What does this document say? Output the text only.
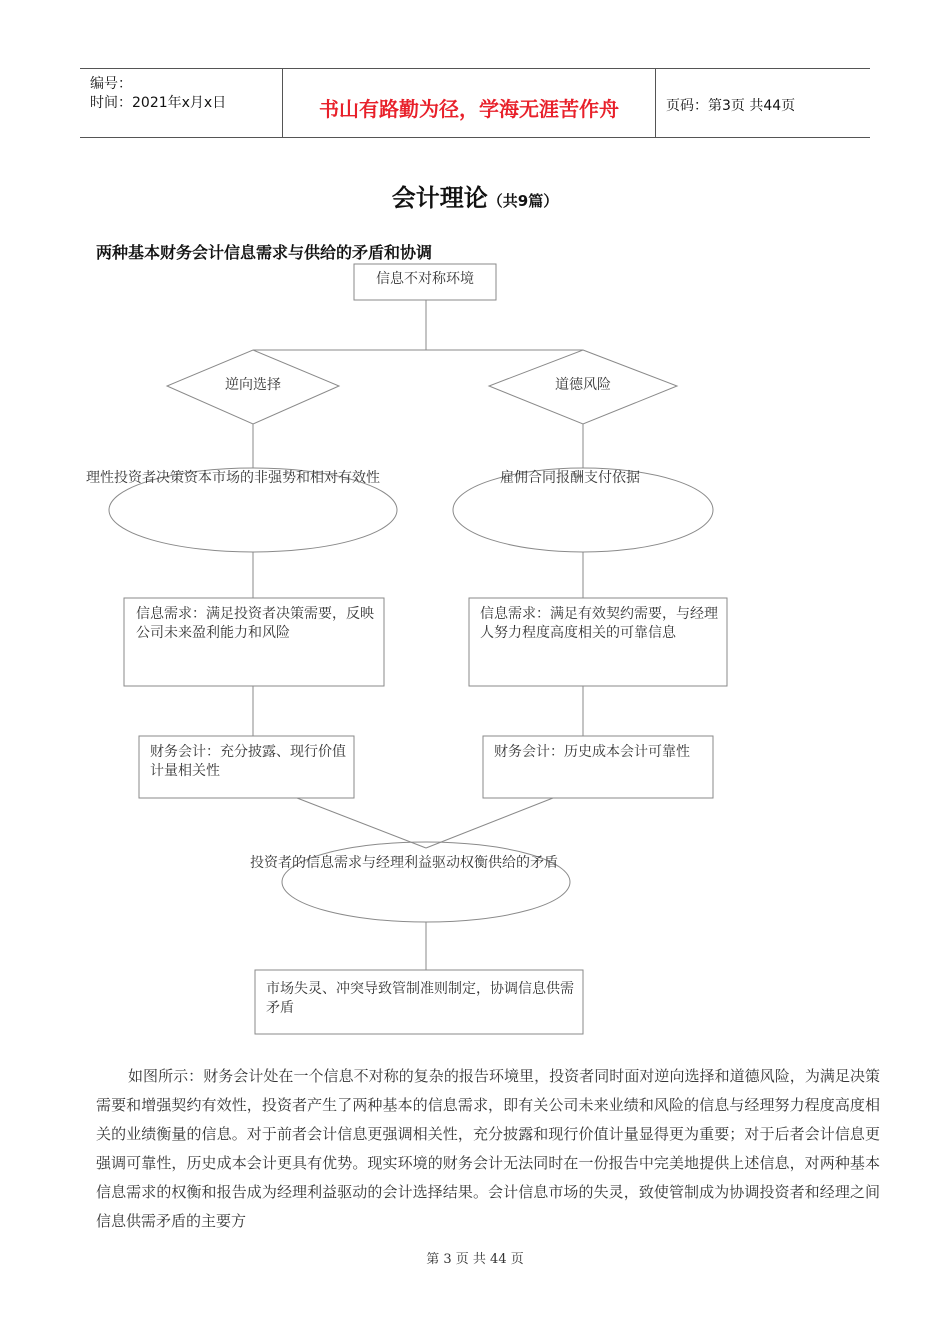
编号：
时间：2021年x月x日	书山有路勤为径，学海无涯苦作舟	页码：第3页 共44页
会计理论（共9篇）
两种基本财务会计信息需求与供给的矛盾和协调
信息不对称环境
逆向选择	道德风险
理性投资者决策资本市场的非强势和相对有效性	雇佣合同报酬支付依据
信息需求：满足投资者决策需要，反映公司未来盈利能力和风险
信息需求：满足有效契约需要，与经理人努力程度高度相关的可靠信息
财务会计：充分披露、现行价值计量相关性
财务会计：历史成本会计可靠性
投资者的信息需求与经理利益驱动权衡供给的矛盾
市场失灵、冲突导致管制准则制定，协调信息供需矛盾

如图所示：财务会计处在一个信息不对称的复杂的报告环境里，投资者同时面对逆向选择和道德风险，为满足决策需要和增强契约有效性，投资者产生了两种基本的信息需求，即有关公司未来业绩和风险的信息与经理努力程度高度相关的业绩衡量的信息。对于前者会计信息更强调相关性，充分披露和现行价值计量显得更为重要；对于后者会计信息更强调可靠性，历史成本会计更具有优势。现实环境的财务会计无法同时在一份报告中完美地提供上述信息，对两种基本信息需求的权衡和报告成为经理利益驱动的会计选择结果。会计信息市场的失灵，致使管制成为协调投资者和经理之间信息供需矛盾的主要方

第 3 页 共 44 页
